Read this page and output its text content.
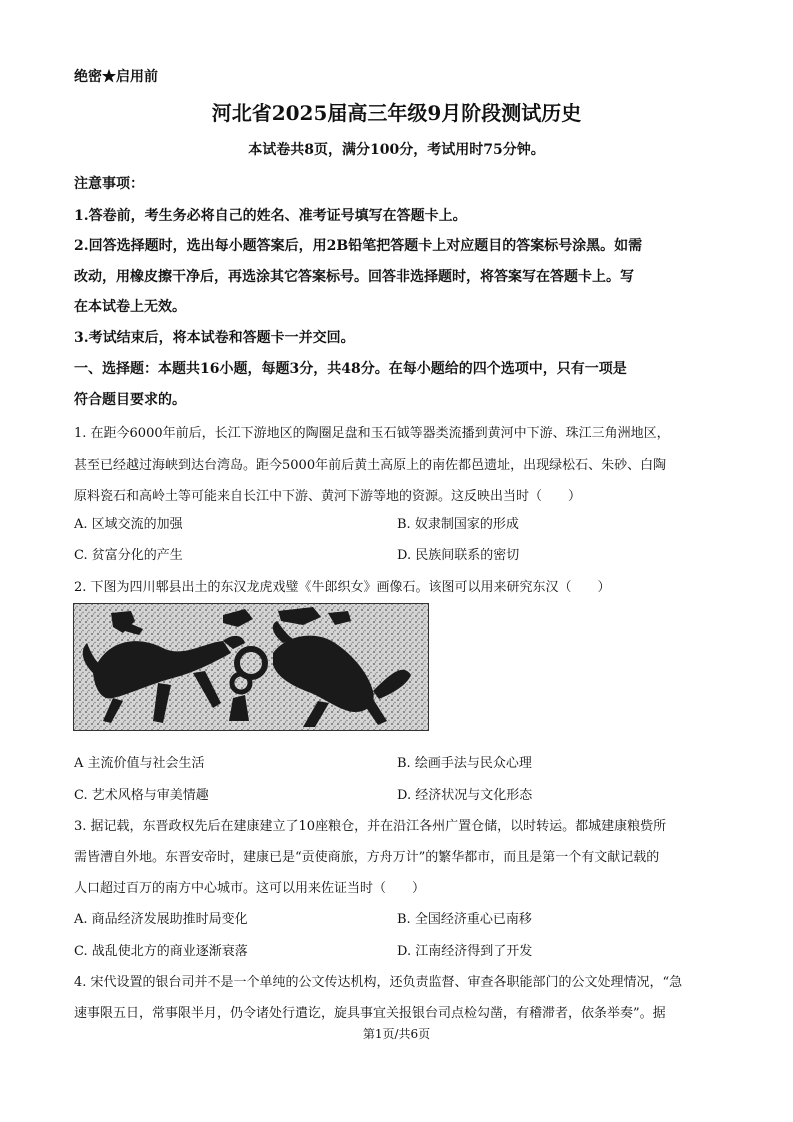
绝密★启用前
河北省2025届高三年级9月阶段测试历史
本试卷共8页，满分100分，考试用时75分钟。
注意事项：
1.答卷前，考生务必将自己的姓名、准考证号填写在答题卡上。
2.回答选择题时，选出每小题答案后，用2B铅笔把答题卡上对应题目的答案标号涂黑。如需
改动，用橡皮擦干净后，再选涂其它答案标号。回答非选择题时，将答案写在答题卡上。写
在本试卷上无效。
3.考试结束后，将本试卷和答题卡一并交回。
一、选择题：本题共16小题，每题3分，共48分。在每小题给的四个选项中，只有一项是
符合题目要求的。
1. 在距今6000年前后，长江下游地区的陶圈足盘和玉石钺等器类流播到黄河中下游、珠江三角洲地区，
甚至已经越过海峡到达台湾岛。距今5000年前后黄土高原上的南佐都邑遗址，出现绿松石、朱砂、白陶
原料瓷石和高岭土等可能来自长江中下游、黄河下游等地的资源。这反映出当时（　　）
A. 区域交流的加强	B. 奴隶制国家的形成
C. 贫富分化的产生	D. 民族间联系的密切
2. 下图为四川郫县出土的东汉龙虎戏璧《牛郎织女》画像石。该图可以用来研究东汉（　　）
A 主流价值与社会生活	B. 绘画手法与民众心理
C. 艺术风格与审美情趣	D. 经济状况与文化形态
3. 据记载，东晋政权先后在建康建立了10座粮仓，并在沿江各州广置仓储，以时转运。都城建康粮赀所
需皆漕自外地。东晋安帝时，建康已是“贡使商旅，方舟万计”的繁华都市，而且是第一个有文献记载的
人口超过百万的南方中心城市。这可以用来佐证当时（　　）
A. 商品经济发展助推时局变化	B. 全国经济重心已南移
C. 战乱使北方的商业逐渐衰落	D. 江南经济得到了开发
4. 宋代设置的银台司并不是一个单纯的公文传达机构，还负责监督、审查各职能部门的公文处理情况，“急
速事限五日，常事限半月，仍令诸处行遣讫，旋具事宜关报银台司点检勾凿，有稽滞者，依条举奏”。据
第1页/共6页
